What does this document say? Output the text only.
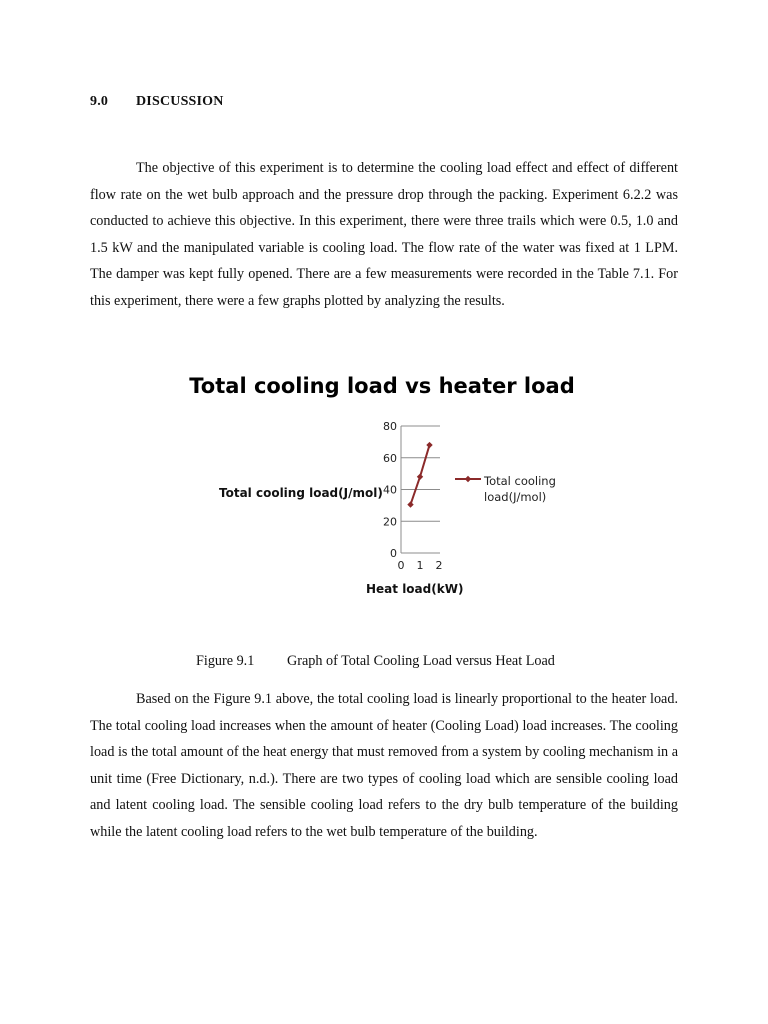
9.0 DISCUSSION

The objective of this experiment is to determine the cooling load effect and effect of different flow rate on the wet bulb approach and the pressure drop through the packing. Experiment 6.2.2 was conducted to achieve this objective. In this experiment, there were three trails which were 0.5, 1.0 and 1.5 kW and the manipulated variable is cooling load. The flow rate of the water was fixed at 1 LPM. The damper was kept fully opened. There are a few measurements were recorded in the Table 7.1. For this experiment, there were a few graphs plotted by analyzing the results.

Total cooling load vs heater load
0
20
40
60
80
0 1 2
Total cooling load(J/mol)
Heat load(kW)
Total cooling load(J/mol)
Figure 9.1 Graph of Total Cooling Load versus Heat Load

Based on the Figure 9.1 above, the total cooling load is linearly proportional to the heater load. The total cooling load increases when the amount of heater (Cooling Load) load increases. The cooling load is the total amount of the heat energy that must removed from a system by cooling mechanism in a unit time (Free Dictionary, n.d.). There are two types of cooling load which are sensible cooling load and latent cooling load. The sensible cooling load refers to the dry bulb temperature of the building while the latent cooling load refers to the wet bulb temperature of the building.
